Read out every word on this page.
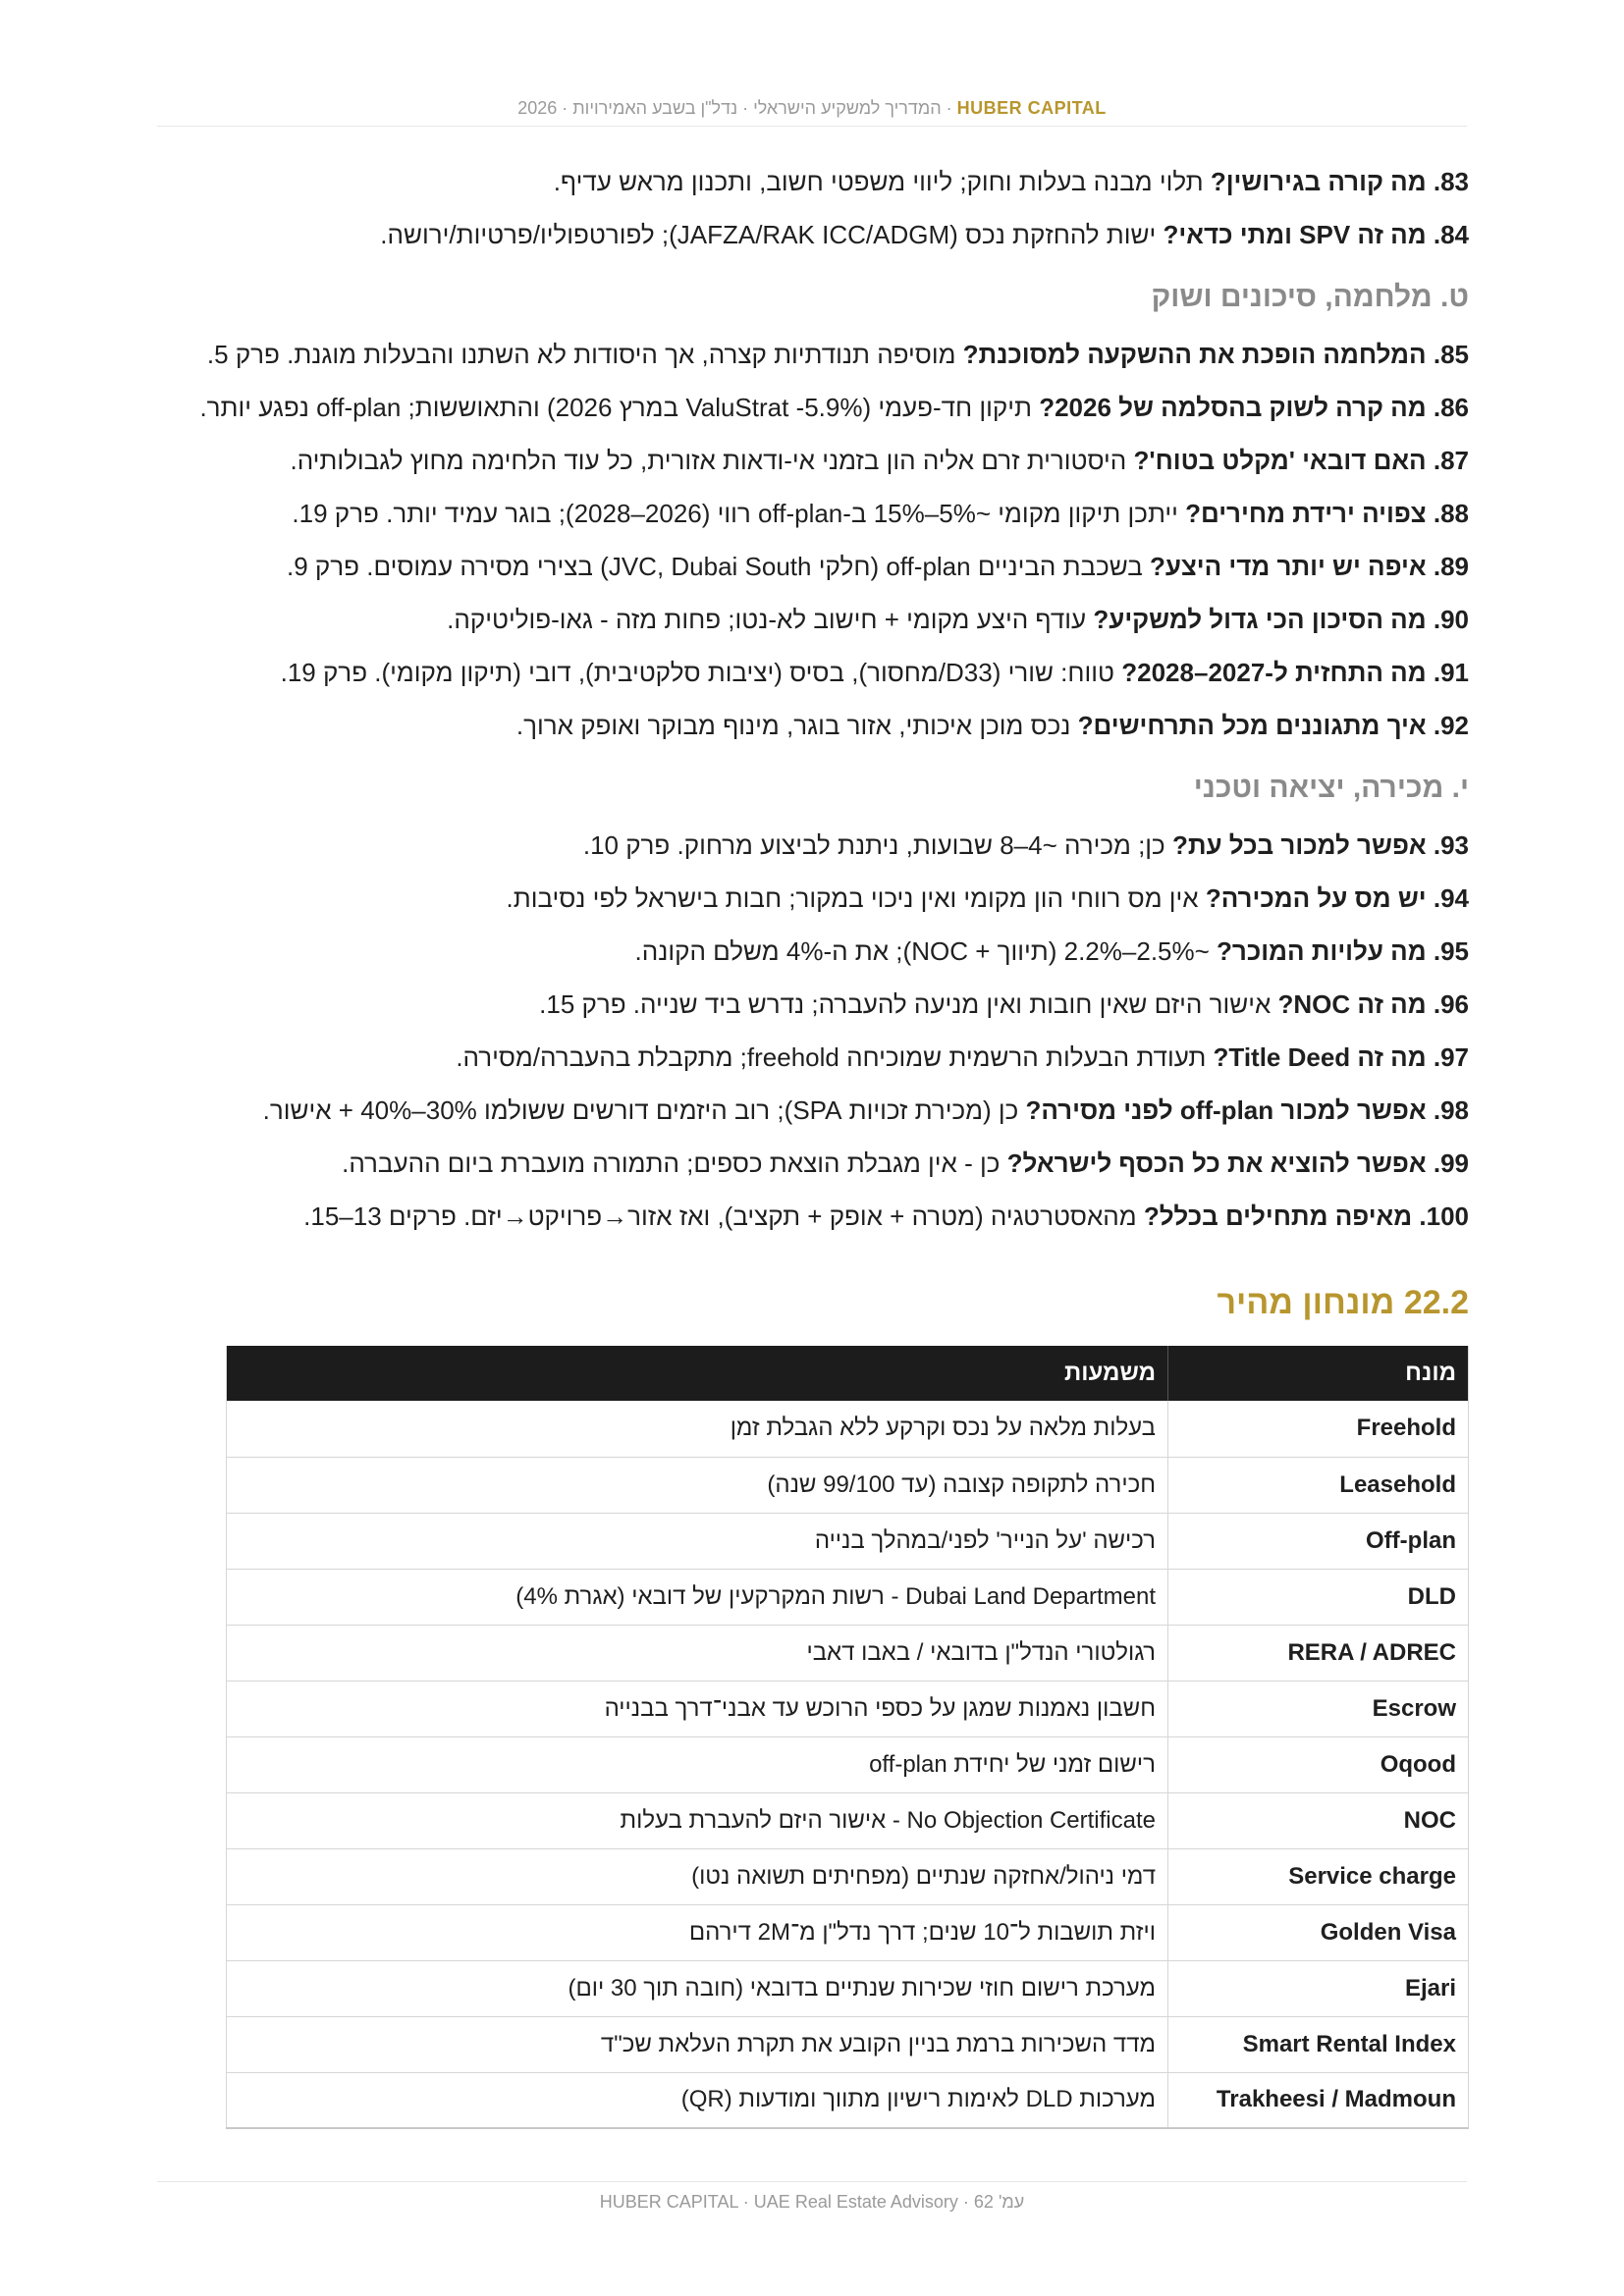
HUBER CAPITAL · המדריך למשקיע הישראלי · נדל"ן בשבע האמירויות · 2026

83. מה קורה בגירושין? תלוי מבנה בעלות וחוק; ליווי משפטי חשוב, ותכנון מראש עדיף.

84. מה זה SPV ומתי כדאי? ישות להחזקת נכס (JAFZA/RAK ICC/ADGM); לפורטפוליו/פרטיות/ירושה.

ט. מלחמה, סיכונים ושוק

85. המלחמה הופכת את ההשקעה למסוכנת? מוסיפה תנודתיות קצרה, אך היסודות לא השתנו והבעלות מוגנת. פרק 5.

86. מה קרה לשוק בהסלמה של 2026? תיקון חד-פעמי (ValuStrat -5.9% במרץ 2026) והתאוששות; off-plan נפגע יותר.

87. האם דובאי 'מקלט בטוח'? היסטורית זרם אליה הון בזמני אי-ודאות אזורית, כל עוד הלחימה מחוץ לגבולותיה.

88. צפויה ירידת מחירים? ייתכן תיקון מקומי ~5%–15% ב-off-plan רווי (2026–2028); בוגר עמיד יותר. פרק 19.

89. איפה יש יותר מדי היצע? בשכבת הביניים off-plan (חלקי JVC, Dubai South) בצירי מסירה עמוסים. פרק 9.

90. מה הסיכון הכי גדול למשקיע? עודף היצע מקומי + חישוב לא-נטו; פחות מזה - גאו-פוליטיקה.

91. מה התחזית ל-2027–2028? טווח: שורי (D33/מחסור), בסיס (יציבות סלקטיבית), דובי (תיקון מקומי). פרק 19.

92. איך מתגוננים מכל התרחישים? נכס מוכן איכותי, אזור בוגר, מינוף מבוקר ואופק ארוך.

י. מכירה, יציאה וטכני

93. אפשר למכור בכל עת? כן; מכירה ~4–8 שבועות, ניתנת לביצוע מרחוק. פרק 10.

94. יש מס על המכירה? אין מס רווחי הון מקומי ואין ניכוי במקור; חבות בישראל לפי נסיבות.

95. מה עלויות המוכר? ~2.5%–2.2% (תיווך + NOC); את ה-4% משלם הקונה.

96. מה זה NOC? אישור היזם שאין חובות ואין מניעה להעברה; נדרש ביד שנייה. פרק 15.

97. מה זה Title Deed? תעודת הבעלות הרשמית שמוכיחה freehold; מתקבלת בהעברה/מסירה.

98. אפשר למכור off-plan לפני מסירה? כן (מכירת זכויות SPA); רוב היזמים דורשים ששולמו 30%–40% + אישור.

99. אפשר להוציא את כל הכסף לישראל? כן - אין מגבלת הוצאת כספים; התמורה מועברת ביום ההעברה.

100. מאיפה מתחילים בכלל? מהאסטרטגיה (מטרה + אופק + תקציב), ואז אזור→פרויקט→יזם. פרקים 13–15.

22.2 מונחון מהיר
מונח	משמעות
Freehold	בעלות מלאה על נכס וקרקע ללא הגבלת זמן
Leasehold	חכירה לתקופה קצובה (עד 99/100 שנה)
Off-plan	רכישה 'על הנייר' לפני/במהלך בנייה
DLD	Dubai Land Department - רשות המקרקעין של דובאי (אגרת 4%)
RERA / ADREC	רגולטורי הנדל"ן בדובאי / באבו דאבי
Escrow	חשבון נאמנות שמגן על כספי הרוכש עד אבני־דרך בבנייה
Oqood	רישום זמני של יחידת off-plan
NOC	No Objection Certificate - אישור היזם להעברת בעלות
Service charge	דמי ניהול/אחזקה שנתיים (מפחיתים תשואה נטו)
Golden Visa	ויזת תושבות ל־10 שנים; דרך נדל"ן מ־2M דירהם
Ejari	מערכת רישום חוזי שכירות שנתיים בדובאי (חובה תוך 30 יום)
Smart Rental Index	מדד השכירות ברמת בניין הקובע את תקרת העלאת שכ"ד
Trakheesi / Madmoun	מערכות DLD לאימות רישיון מתווך ומודעות (QR)
עמ' 62 · HUBER CAPITAL · UAE Real Estate Advisory
